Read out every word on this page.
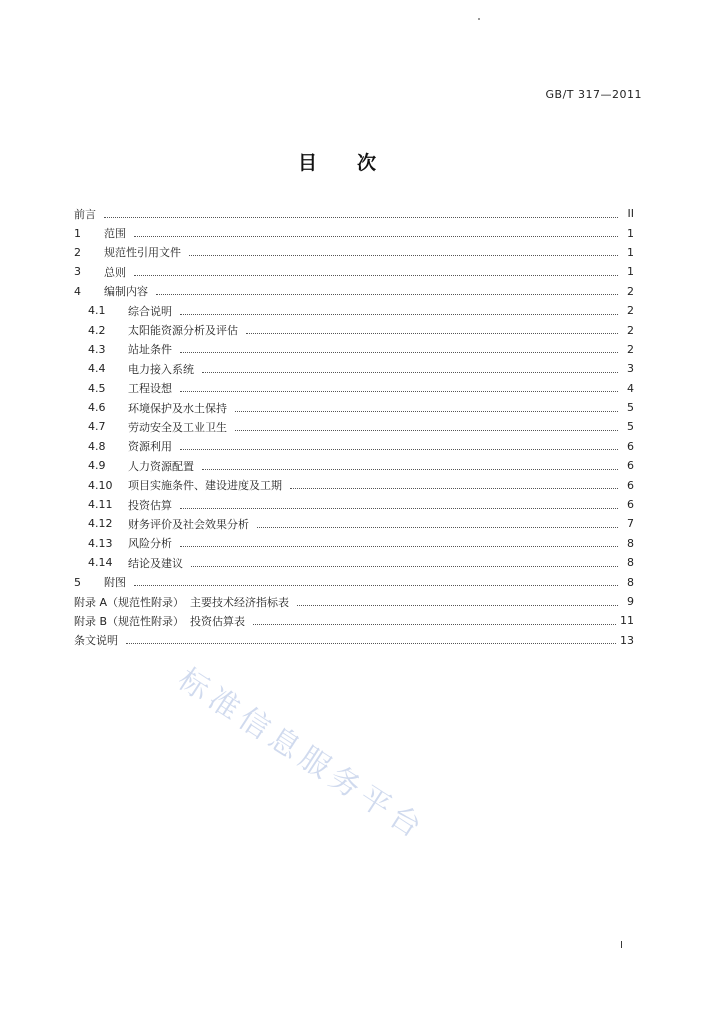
GB/T 317—2011
目次
前言	II
1	范围	1
2	规范性引用文件	1
3	总则	1
4	编制内容	2
4.1	综合说明	2
4.2	太阳能资源分析及评估	2
4.3	站址条件	2
4.4	电力接入系统	3
4.5	工程设想	4
4.6	环境保护及水土保持	5
4.7	劳动安全及工业卫生	5
4.8	资源利用	6
4.9	人力资源配置	6
4.10	项目实施条件、建设进度及工期	6
4.11	投资估算	6
4.12	财务评价及社会效果分析	7
4.13	风险分析	8
4.14	结论及建议	8
5	附图	8
附录 A（规范性附录） 主要技术经济指标表	9
附录 B（规范性附录） 投资估算表	11
条文说明	13
标准信息服务平台
I
